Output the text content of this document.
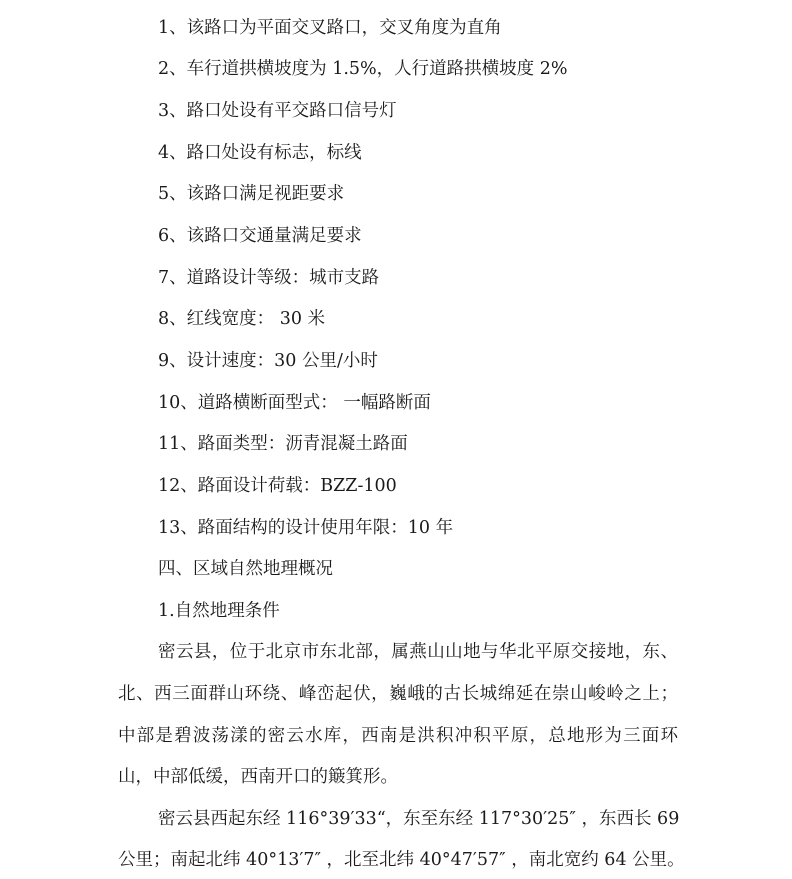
1、该路口为平面交叉路口，交叉角度为直角
2、车行道拱横坡度为 1.5%，人行道路拱横坡度 2%
3、路口处设有平交路口信号灯
4、路口处设有标志，标线
5、该路口满足视距要求
6、该路口交通量满足要求
7、道路设计等级：城市支路
8、红线宽度： 30 米
9、设计速度：30 公里/小时
10、道路横断面型式： 一幅路断面
11、路面类型：沥青混凝土路面
12、路面设计荷载：BZZ-100
13、路面结构的设计使用年限：10 年
四、区域自然地理概况
1.自然地理条件
密云县，位于北京市东北部，属燕山山地与华北平原交接地，东、
北、西三面群山环绕、峰峦起伏，巍峨的古长城绵延在崇山峻岭之上；
中部是碧波荡漾的密云水库，西南是洪积冲积平原，总地形为三面环
山，中部低缓，西南开口的簸箕形。
密云县西起东经 116°39′33“，东至东经 117°30′25″ ，东西长 69
公里；南起北纬 40°13′7″ ，北至北纬 40°47′57″ ，南北宽约 64 公里。
